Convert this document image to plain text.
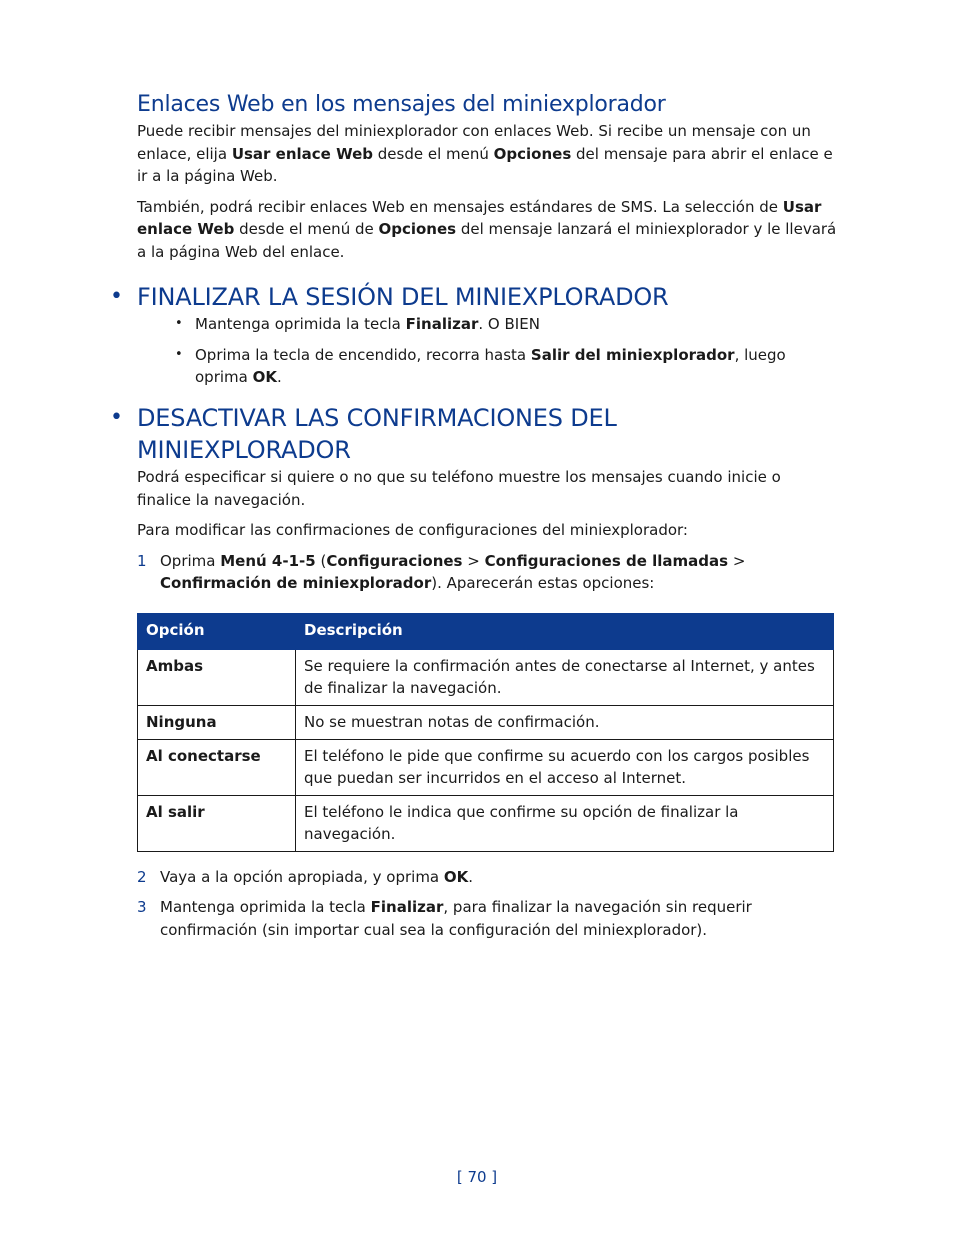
Enlaces Web en los mensajes del miniexplorador

Puede recibir mensajes del miniexplorador con enlaces Web. Si recibe un mensaje con un enlace, elija Usar enlace Web desde el menú Opciones del mensaje para abrir el enlace e ir a la página Web.

También, podrá recibir enlaces Web en mensajes estándares de SMS. La selección de Usar enlace Web desde el menú de Opciones del mensaje lanzará el miniexplorador y le llevará a la página Web del enlace.

• FINALIZAR LA SESIÓN DEL MINIEXPLORADOR
• Mantenga oprimida la tecla Finalizar. O BIEN
• Oprima la tecla de encendido, recorra hasta Salir del miniexplorador, luego oprima OK.
• DESACTIVAR LAS CONFIRMACIONES DEL MINIEXPLORADOR

Podrá especificar si quiere o no que su teléfono muestre los mensajes cuando inicie o finalice la navegación.

Para modificar las confirmaciones de configuraciones del miniexplorador:

1 Oprima Menú 4-1-5 (Configuraciones > Configuraciones de llamadas > Confirmación de miniexplorador). Aparecerán estas opciones:
Opción	Descripción
Ambas	Se requiere la confirmación antes de conectarse al Internet, y antes de finalizar la navegación.
Ninguna	No se muestran notas de confirmación.
Al conectarse	El teléfono le pide que confirme su acuerdo con los cargos posibles que puedan ser incurridos en el acceso al Internet.
Al salir	El teléfono le indica que confirme su opción de finalizar la navegación.
2 Vaya a la opción apropiada, y oprima OK.
3 Mantenga oprimida la tecla Finalizar, para finalizar la navegación sin requerir confirmación (sin importar cual sea la configuración del miniexplorador).
[ 70 ]
